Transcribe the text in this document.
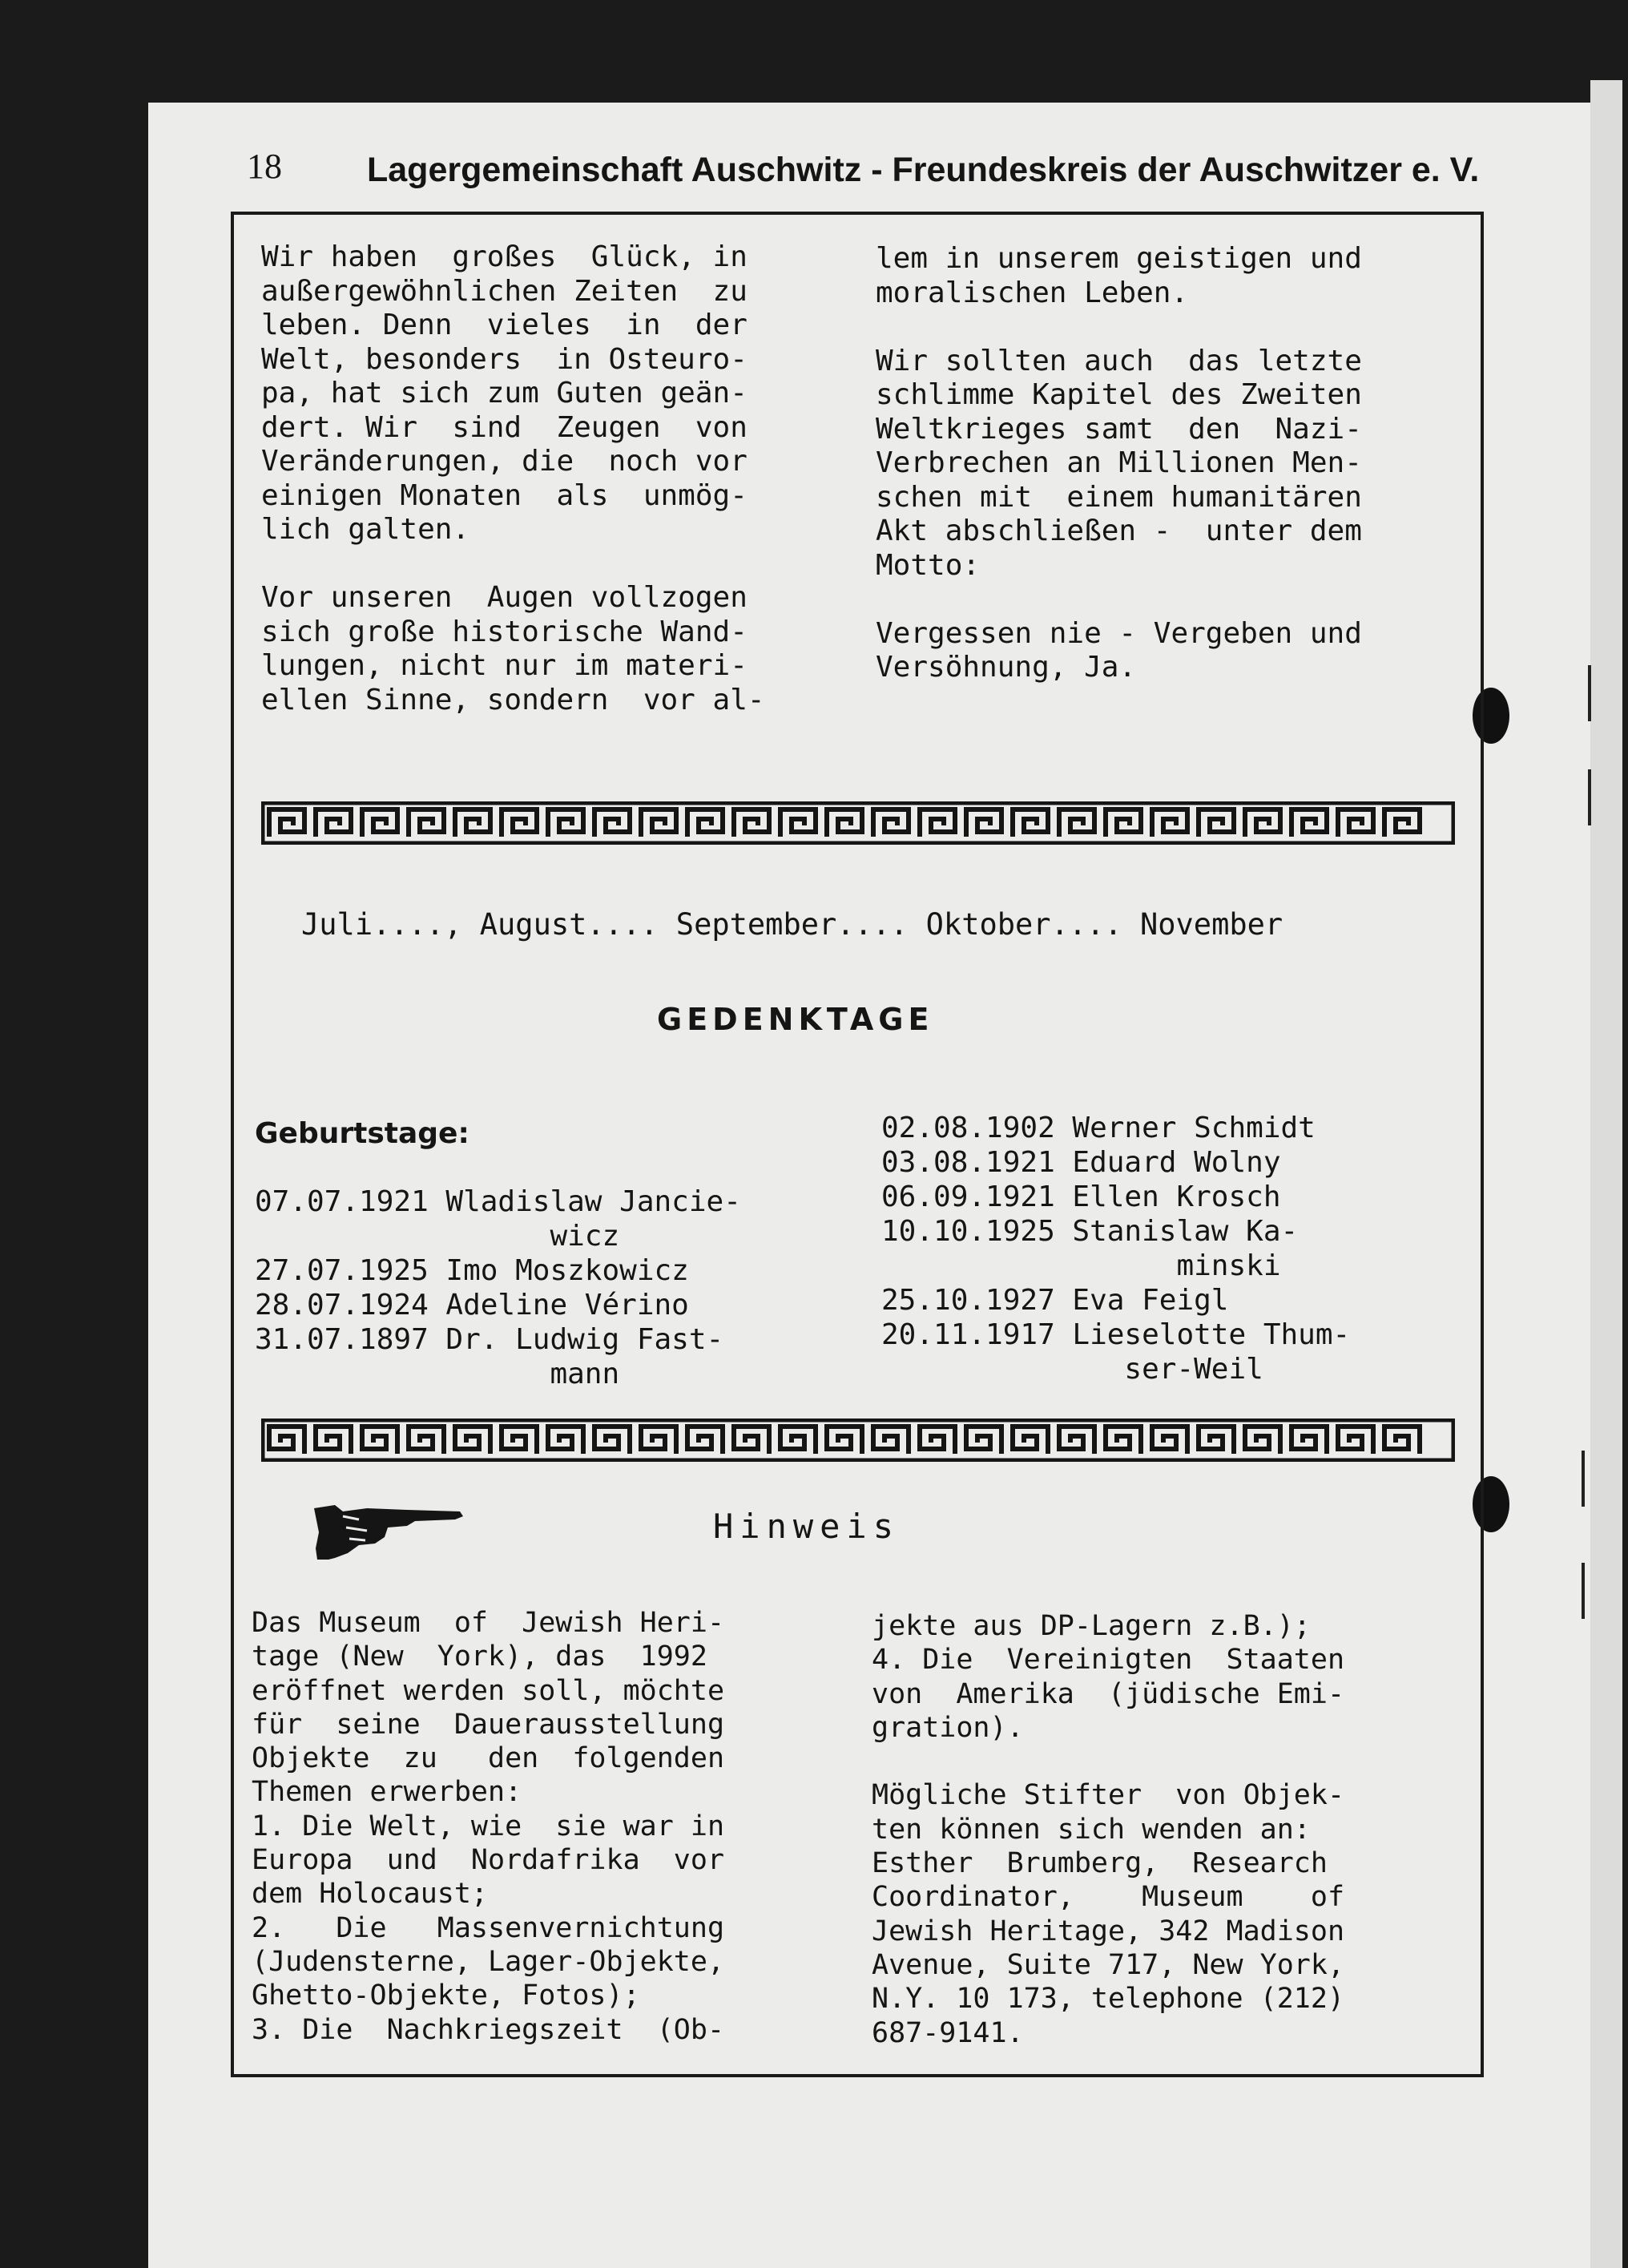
18 Lagergemeinschaft Auschwitz - Freundeskreis der Auschwitzer e. V.
Wir haben  großes  Glück, in
außergewöhnlichen Zeiten  zu
leben. Denn  vieles  in  der
Welt, besonders  in Osteuro-
pa, hat sich zum Guten geän-
dert. Wir  sind  Zeugen  von
Veränderungen, die  noch vor
einigen Monaten  als  unmög-
lich galten.

Vor unseren  Augen vollzogen
sich große historische Wand-
lungen, nicht nur im materi-
ellen Sinne, sondern  vor al-
lem in unserem geistigen und
moralischen Leben.

Wir sollten auch  das letzte
schlimme Kapitel des Zweiten
Weltkrieges samt  den  Nazi-
Verbrechen an Millionen Men-
schen mit  einem humanitären
Akt abschließen -  unter dem
Motto:

Vergessen nie - Vergeben und
Versöhnung, Ja.
Juli...., August.... September.... Oktober.... November
GEDENKTAGE
Geburtstage:
07.07.1921 Wladislaw Jancie-
wicz
27.07.1925 Imo Moszkowicz
28.07.1924 Adeline Vérino
31.07.1897 Dr. Ludwig Fast-
mann
02.08.1902 Werner Schmidt
03.08.1921 Eduard Wolny
06.09.1921 Ellen Krosch
10.10.1925 Stanislaw Ka-
minski
25.10.1927 Eva Feigl
20.11.1917 Lieselotte Thum-
ser-Weil
Hinweis
Das Museum  of  Jewish Heri-
tage (New  York), das  1992
eröffnet werden soll, möchte
für  seine  Dauerausstellung
Objekte  zu   den  folgenden
Themen erwerben:
1. Die Welt, wie  sie war in
Europa  und  Nordafrika  vor
dem Holocaust;
2.   Die   Massenvernichtung
(Judensterne, Lager-Objekte,
Ghetto-Objekte, Fotos);
3. Die  Nachkriegszeit  (Ob-
jekte aus DP-Lagern z.B.);
4. Die  Vereinigten  Staaten
von  Amerika  (jüdische Emi-
gration).

Mögliche Stifter  von Objek-
ten können sich wenden an:
Esther  Brumberg,  Research
Coordinator,    Museum    of
Jewish Heritage, 342 Madison
Avenue, Suite 717, New York,
N.Y. 10 173, telephone (212)
687-9141.
